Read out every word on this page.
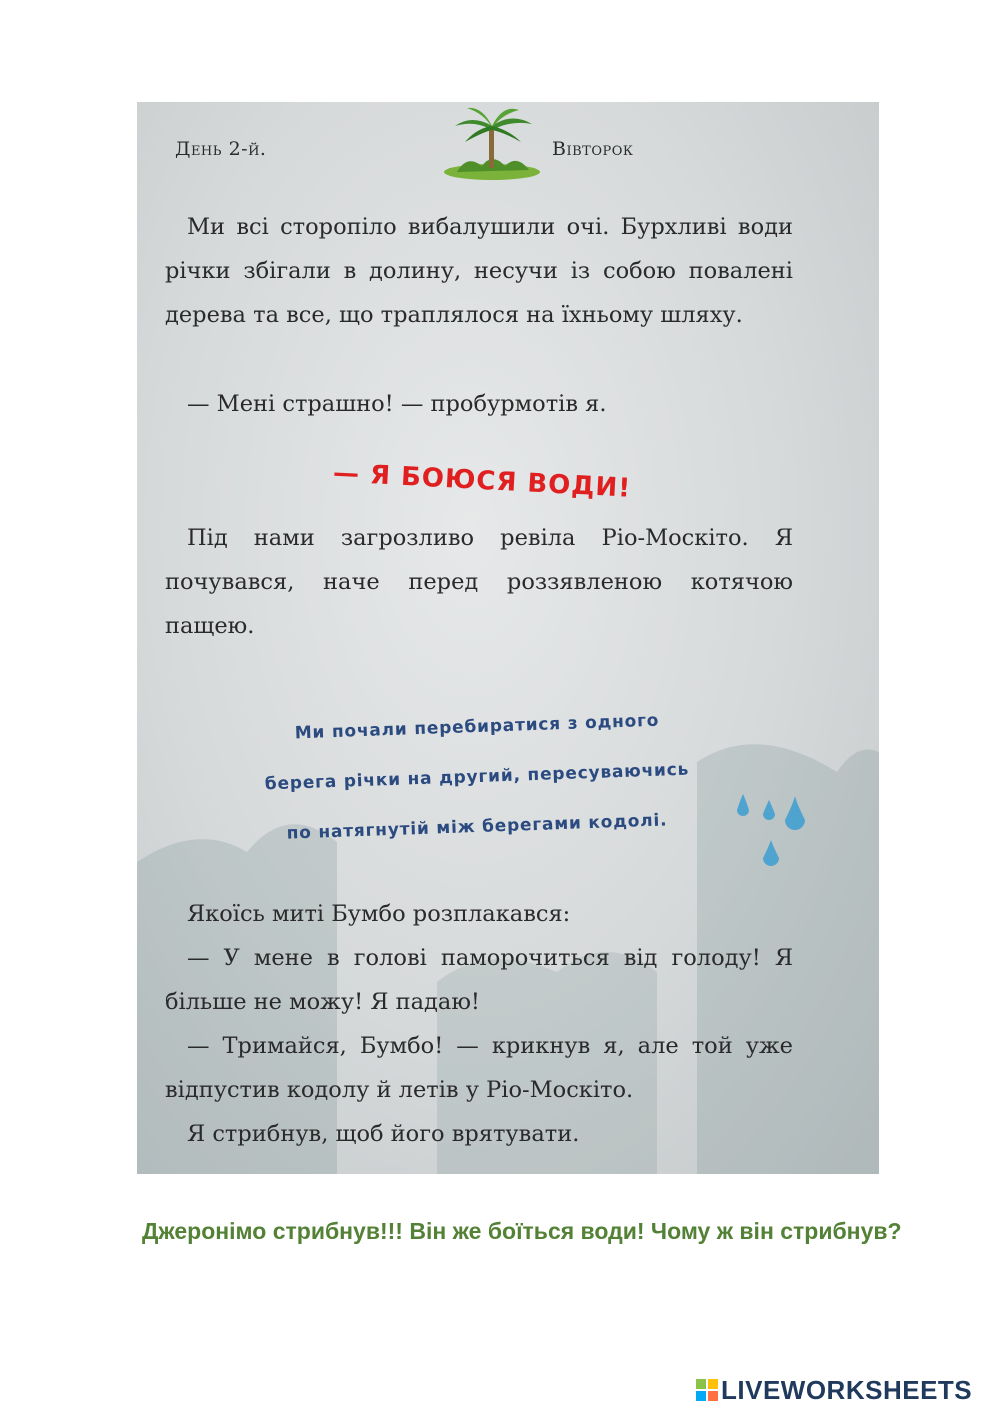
День 2-й.	Вівторок

Ми всі сторопіло вибалушили очі. Бурхливі води річки збігали в долину, несучи із собою повалені дерева та все, що траплялося на їхньому шляху.

— Мені страшно! — пробурмотів я.

— Я БОЮСЯ ВОДИ!

Під нами загрозливо ревіла Ріо-Москіто. Я почувався, наче перед роззявленою котячою пащею.

Ми почали перебиратися з одного
берега річки на другий, пересуваючись
по натягнутій між берегами кодолі.
Якоїсь миті Бумбо розплакався:
— У мене в голові паморочиться від голоду! Я більше не можу! Я падаю!
— Тримайся, Бумбо! — крикнув я, але той уже відпустив кодолу й летів у Ріо-Москіто.
Я стрибнув, щоб його врятувати.

Джеронімо стрибнув!!! Він же боїться води! Чому ж він стрибнув?

LIVEWORKSHEETS
